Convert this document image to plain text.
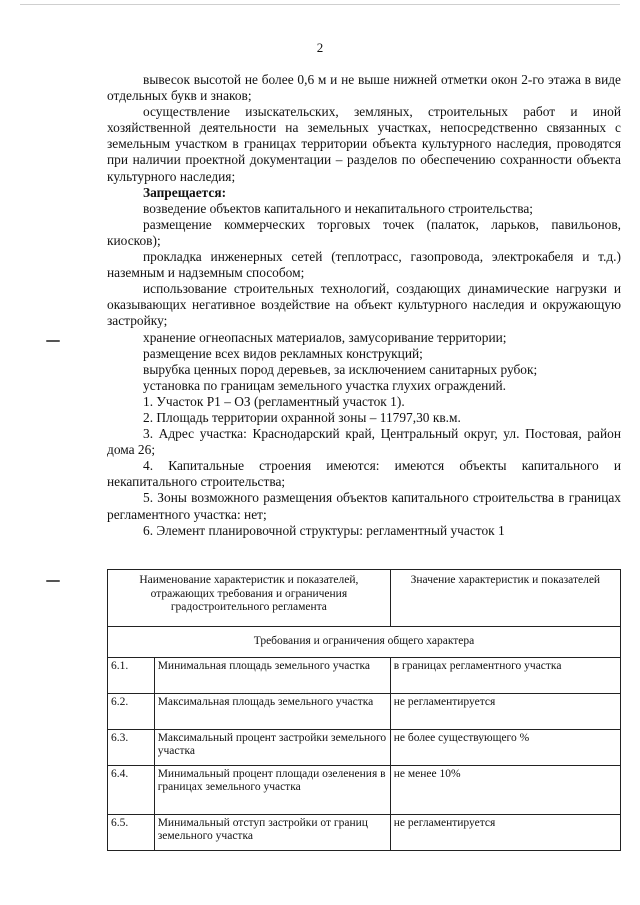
2

вывесок высотой не более 0,6 м и не выше нижней отметки окон 2-го этажа в виде отдельных букв и знаков;

осуществление изыскательских, земляных, строительных работ и иной хозяйственной деятельности на земельных участках, непосредственно связанных с земельным участком в границах территории объекта культурного наследия, проводятся при наличии проектной документации – разделов по обеспечению сохранности объекта культурного наследия;

Запрещается:

возведение объектов капитального и некапитального строительства;

размещение коммерческих торговых точек (палаток, ларьков, павильонов, киосков);

прокладка инженерных сетей (теплотрасс, газопровода, электрокабеля и т.д.) наземным и надземным способом;

использование строительных технологий, создающих динамические нагрузки и оказывающих негативное воздействие на объект культурного наследия и окружающую застройку;

хранение огнеопасных материалов, замусоривание территории;

размещение всех видов рекламных конструкций;

вырубка ценных пород деревьев, за исключением санитарных рубок;

установка по границам земельного участка глухих ограждений.

1. Участок Р1 – ОЗ (регламентный участок 1).

2. Площадь территории охранной зоны – 11797,30 кв.м.

3. Адрес участка: Краснодарский край, Центральный округ, ул. Постовая, район дома 26;

4. Капитальные строения имеются: имеются объекты капитального и некапитального строительства;

5. Зоны возможного размещения объектов капитального строительства в границах регламентного участка: нет;

6. Элемент планировочной структуры: регламентный участок 1

Наименование характеристик и показателей, отражающих требования и ограничения градостроительного регламента		Значение характеристик и показателей
Требования и ограничения общего характера		
6.1.	Минимальная площадь земельного участка	в границах регламентного участка
6.2.	Максимальная площадь земельного участка	не регламентируется
6.3.	Максимальный процент застройки земельного участка	не более существующего %
6.4.	Минимальный процент площади озеленения в границах земельного участка	не менее 10%
6.5.	Минимальный отступ застройки от границ земельного участка	не регламентируется
